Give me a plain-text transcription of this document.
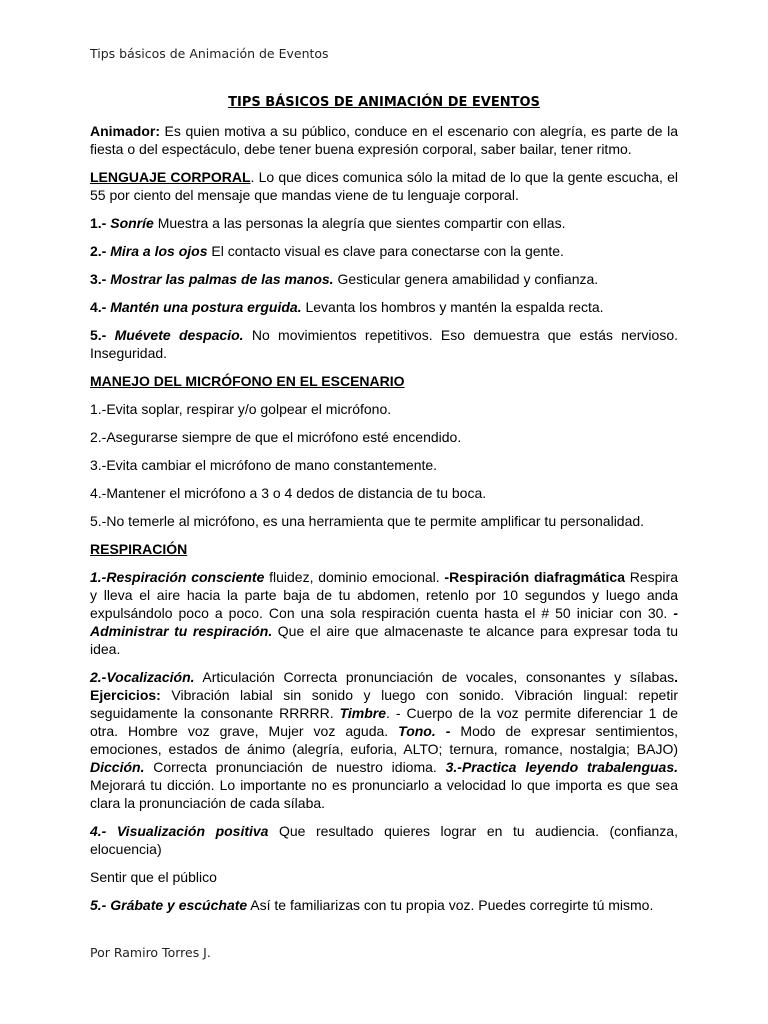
Tips básicos de Animación de Eventos
TIPS BÁSICOS DE ANIMACIÓN DE EVENTOS

Animador: Es quien motiva a su público, conduce en el escenario con alegría, es parte de la fiesta o del espectáculo, debe tener buena expresión corporal, saber bailar, tener ritmo.

LENGUAJE CORPORAL. Lo que dices comunica sólo la mitad de lo que la gente escucha, el 55 por ciento del mensaje que mandas viene de tu lenguaje corporal.

1.- Sonríe Muestra a las personas la alegría que sientes compartir con ellas.

2.- Mira a los ojos El contacto visual es clave para conectarse con la gente.

3.- Mostrar las palmas de las manos. Gesticular genera amabilidad y confianza.

4.- Mantén una postura erguida. Levanta los hombros y mantén la espalda recta.

5.- Muévete despacio. No movimientos repetitivos. Eso demuestra que estás nervioso. Inseguridad.

MANEJO DEL MICRÓFONO EN EL ESCENARIO

1.-Evita soplar, respirar y/o golpear el micrófono.

2.-Asegurarse siempre de que el micrófono esté encendido.

3.-Evita cambiar el micrófono de mano constantemente.

4.-Mantener el micrófono a 3 o 4 dedos de distancia de tu boca.

5.-No temerle al micrófono, es una herramienta que te permite amplificar tu personalidad.

RESPIRACIÓN

1.-Respiración consciente fluidez, dominio emocional. -Respiración diafragmática Respira y lleva el aire hacia la parte baja de tu abdomen, retenlo por 10 segundos y luego anda expulsándolo poco a poco. Con una sola respiración cuenta hasta el # 50 iniciar con 30. - Administrar tu respiración. Que el aire que almacenaste te alcance para expresar toda tu idea.

2.-Vocalización. Articulación Correcta pronunciación de vocales, consonantes y sílabas. Ejercicios: Vibración labial sin sonido y luego con sonido. Vibración lingual: repetir seguidamente la consonante RRRRR. Timbre. - Cuerpo de la voz permite diferenciar 1 de otra. Hombre voz grave, Mujer voz aguda. Tono. - Modo de expresar sentimientos, emociones, estados de ánimo (alegría, euforia, ALTO; ternura, romance, nostalgia; BAJO) Dicción. Correcta pronunciación de nuestro idioma. 3.-Practica leyendo trabalenguas. Mejorará tu dicción. Lo importante no es pronunciarlo a velocidad lo que importa es que sea clara la pronunciación de cada sílaba.

4.- Visualización positiva Que resultado quieres lograr en tu audiencia. (confianza, elocuencia)

Sentir que el público

5.- Grábate y escúchate Así te familiarizas con tu propia voz. Puedes corregirte tú mismo.

Por Ramiro Torres J.
